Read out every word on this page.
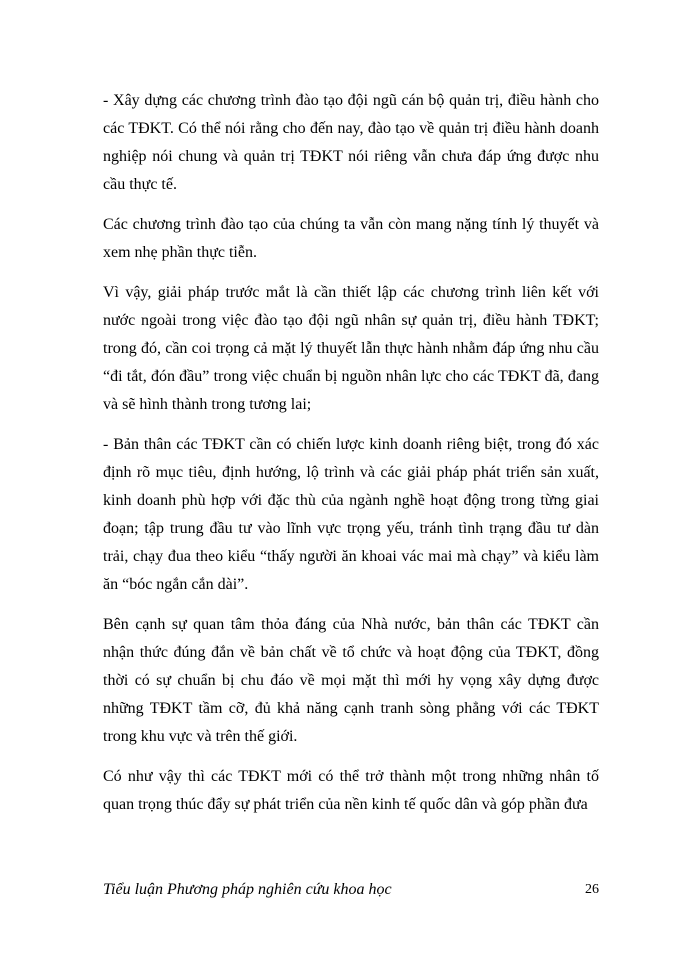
- Xây dựng các chương trình đào tạo đội ngũ cán bộ quản trị, điều hành cho các TĐKT. Có thể nói rằng cho đến nay, đào tạo về quản trị điều hành doanh nghiệp nói chung và quản trị TĐKT nói riêng vẫn chưa đáp ứng được nhu cầu thực tế.

Các chương trình đào tạo của chúng ta vẫn còn mang nặng tính lý thuyết và xem nhẹ phần thực tiễn.

Vì vậy, giải pháp trước mắt là cần thiết lập các chương trình liên kết với nước ngoài trong việc đào tạo đội ngũ nhân sự quản trị, điều hành TĐKT; trong đó, cần coi trọng cả mặt lý thuyết lẫn thực hành nhằm đáp ứng nhu cầu “đi tắt, đón đầu” trong việc chuẩn bị nguồn nhân lực cho các TĐKT đã, đang và sẽ hình thành trong tương lai;

- Bản thân các TĐKT cần có chiến lược kinh doanh riêng biệt, trong đó xác định rõ mục tiêu, định hướng, lộ trình và các giải pháp phát triển sản xuất, kinh doanh phù hợp với đặc thù của ngành nghề hoạt động trong từng giai đoạn; tập trung đầu tư vào lĩnh vực trọng yếu, tránh tình trạng đầu tư dàn trải, chạy đua theo kiểu “thấy người ăn khoai vác mai mà chạy” và kiểu làm ăn “bóc ngắn cắn dài”.

Bên cạnh sự quan tâm thỏa đáng của Nhà nước, bản thân các TĐKT cần nhận thức đúng đắn về bản chất về tổ chức và hoạt động của TĐKT, đồng thời có sự chuẩn bị chu đáo về mọi mặt thì mới hy vọng xây dựng được những TĐKT tầm cỡ, đủ khả năng cạnh tranh sòng phẳng với các TĐKT trong khu vực và trên thế giới.

Có như vậy thì các TĐKT mới có thể trở thành một trong những nhân tố quan trọng thúc đẩy sự phát triển của nền kinh tế quốc dân và góp phần đưa

Tiểu luận Phương pháp nghiên cứu khoa học	26
